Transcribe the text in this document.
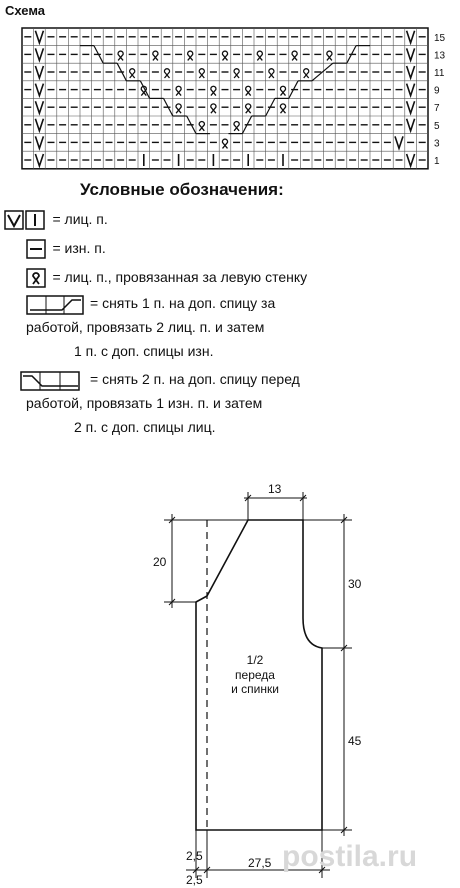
Схема
15
13
11
9
7
5
3
1
Условные обозначения:
= лиц. п.
= изн. п.
= лиц. п., провязанная за левую стенку
= снять 1 п. на доп. спицу за
работой, провязать 2 лиц. п. и затем
1 п. с доп. спицы изн.
= снять 2 п. на доп. спицу перед
работой, провязать 1 изн. п. и затем
2 п. с доп. спицы лиц.
13
20
30
45
2,5
2,5
27,5
1/2
переда
и спинки
postila.ru
